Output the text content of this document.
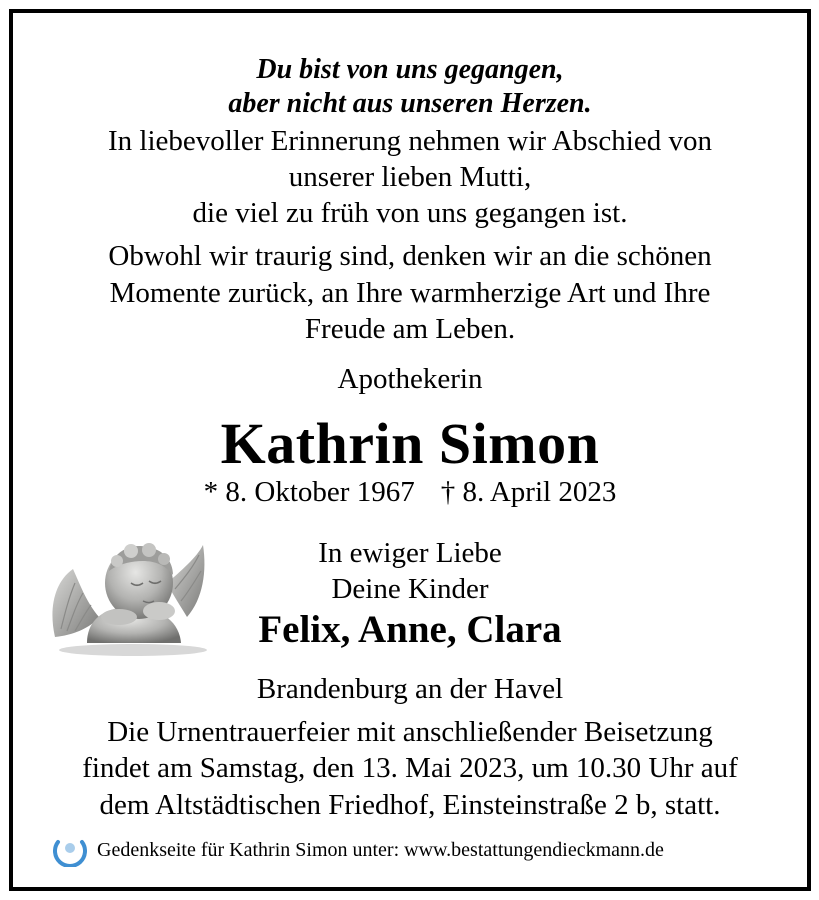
Du bist von uns gegangen,
aber nicht aus unseren Herzen.
In liebevoller Erinnerung nehmen wir Abschied von
unserer lieben Mutti,
die viel zu früh von uns gegangen ist.
Obwohl wir traurig sind, denken wir an die schönen
Momente zurück, an Ihre warmherzige Art und Ihre
Freude am Leben.
Apothekerin
Kathrin Simon
* 8. Oktober 1967 † 8. April 2023
In ewiger Liebe
Deine Kinder
Felix, Anne, Clara
Brandenburg an der Havel
Die Urnentrauerfeier mit anschließender Beisetzung
findet am Samstag, den 13. Mai 2023, um 10.30 Uhr auf
dem Altstädtischen Friedhof, Einsteinstraße 2 b, statt.
Gedenkseite für Kathrin Simon unter: www.bestattungendieckmann.de
